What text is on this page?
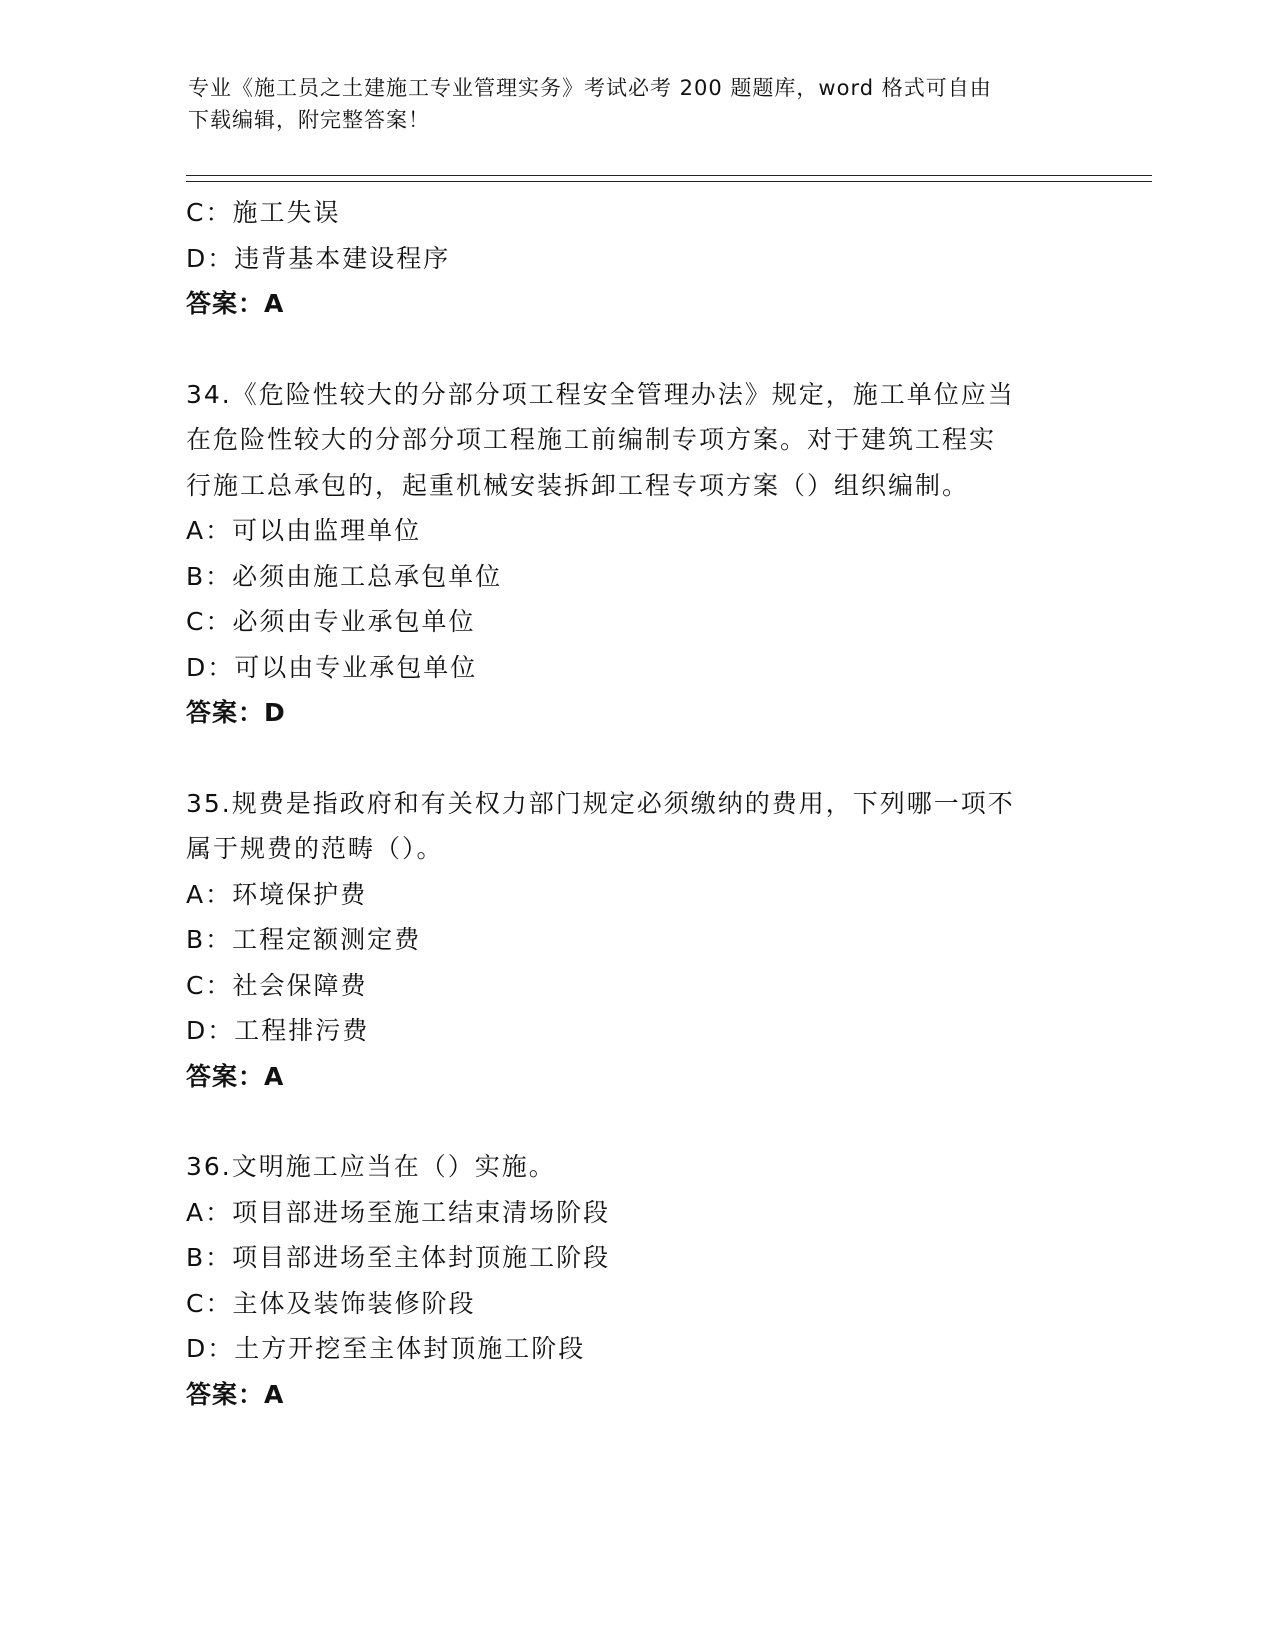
专业《施工员之土建施工专业管理实务》考试必考 200 题题库，word 格式可自由
下载编辑，附完整答案！
C：施工失误
D：违背基本建设程序
答案：A
34.《危险性较大的分部分项工程安全管理办法》规定，施工单位应当
在危险性较大的分部分项工程施工前编制专项方案。对于建筑工程实
行施工总承包的，起重机械安装拆卸工程专项方案（）组织编制。
A：可以由监理单位
B：必须由施工总承包单位
C：必须由专业承包单位
D：可以由专业承包单位
答案：D
35.规费是指政府和有关权力部门规定必须缴纳的费用，下列哪一项不
属于规费的范畴（）。
A：环境保护费
B：工程定额测定费
C：社会保障费
D：工程排污费
答案：A
36.文明施工应当在（）实施。
A：项目部进场至施工结束清场阶段
B：项目部进场至主体封顶施工阶段
C：主体及装饰装修阶段
D：土方开挖至主体封顶施工阶段
答案：A
